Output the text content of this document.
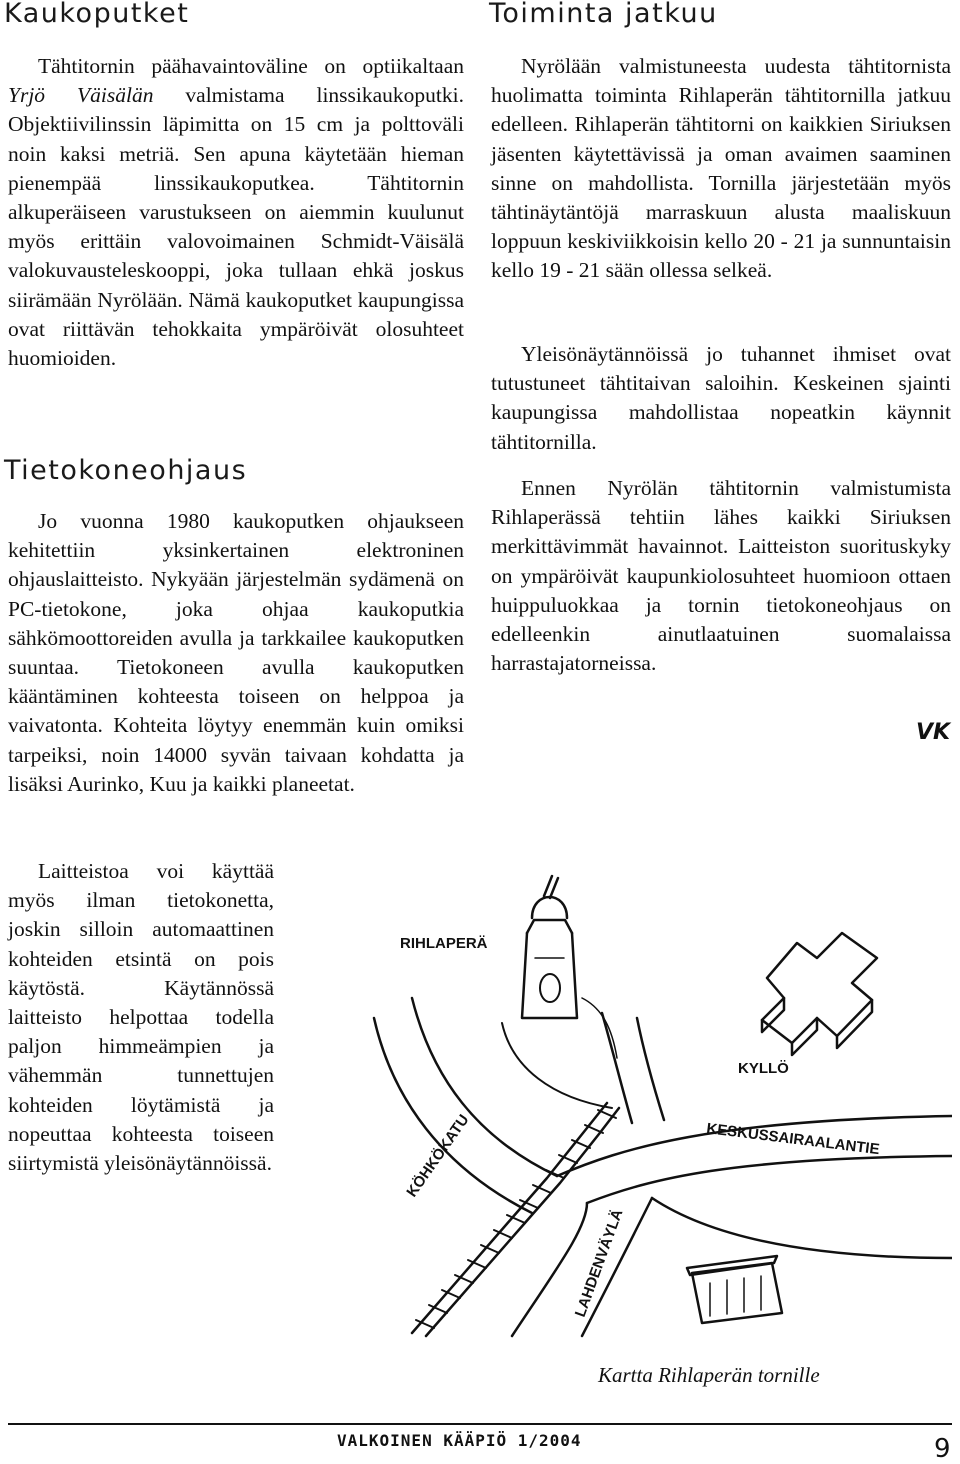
Kaukoputket

Tähtitornin päähavaintoväline on optiikaltaan Yrjö Väisälän valmistama linssikaukoputki. Objektiivilinssin läpimitta on 15 cm ja polttoväli noin kaksi metriä. Sen apuna käytetään hieman pienempää linssikaukoputkea. Tähtitornin alkuperäiseen varustukseen on aiemmin kuulunut myös erittäin valovoimainen Schmidt-Väisälä valokuvausteleskooppi, joka tullaan ehkä joskus siirämään Nyrölään. Nämä kaukoputket kaupungissa ovat riittävän tehokkaita ympäröivät olosuhteet huomioiden.

Tietokoneohjaus

Jo vuonna 1980 kaukoputken ohjaukseen kehitettiin yksinkertainen elektroninen ohjauslaitteisto. Nykyään järjestelmän sydämenä on PC-tietokone, joka ohjaa kaukoputkia sähkömoottoreiden avulla ja tarkkailee kaukoputken suuntaa. Tietokoneen avulla kaukoputken kääntäminen kohteesta toiseen on helppoa ja vaivatonta. Kohteita löytyy enemmän kuin omiksi tarpeiksi, noin 14000 syvän taivaan kohdatta ja lisäksi Aurinko, Kuu ja kaikki planeetat.

Laitteistoa voi käyttää myös ilman tietokonetta, joskin silloin automaattinen kohteiden etsintä on pois käytöstä. Käytännössä laitteisto helpottaa todella paljon himmeämpien ja vähemmän tunnettujen kohteiden löytämistä ja nopeuttaa kohteesta toiseen siirtymistä yleisönäytännöissä.

Toiminta jatkuu

Nyrölään valmistuneesta uudesta tähtitornista huolimatta toiminta Rihlaperän tähtitornilla jatkuu edelleen. Rihlaperän tähtitorni on kaikkien Siriuksen jäsenten käytettävissä ja oman avaimen saaminen sinne on mahdollista. Tornilla järjestetään myös tähtinäytäntöjä marraskuun alusta maaliskuun loppuun keskiviikkoisin kello 20 - 21 ja sunnuntaisin kello 19 - 21 sään ollessa selkeä.

Yleisönäytännöissä jo tuhannet ihmiset ovat tutustuneet tähtitaivan saloihin. Keskeinen sjainti kaupungissa mahdollistaa nopeatkin käynnit tähtitornilla.

Ennen Nyrölän tähtitornin valmistumista Rihlaperässä tehtiin lähes kaikki Siriuksen merkittävimmät havainnot. Laitteiston suorituskyky on ympäröivät kaupunkiolosuhteet huomioon ottaen huippuluokkaa ja tornin tietokoneohjaus on edelleenkin ainutlaatuinen suomalaissa harrastajatorneissa.

VK
RIHLAPERÄ
KYLLÖ
KESKUSSAIRAALANTIE
KÖHKÖKATU
LAHDENVÄYLÄ
Kartta Rihlaperän tornille
VALKOINEN KÄÄPIÖ 1/2004	9
